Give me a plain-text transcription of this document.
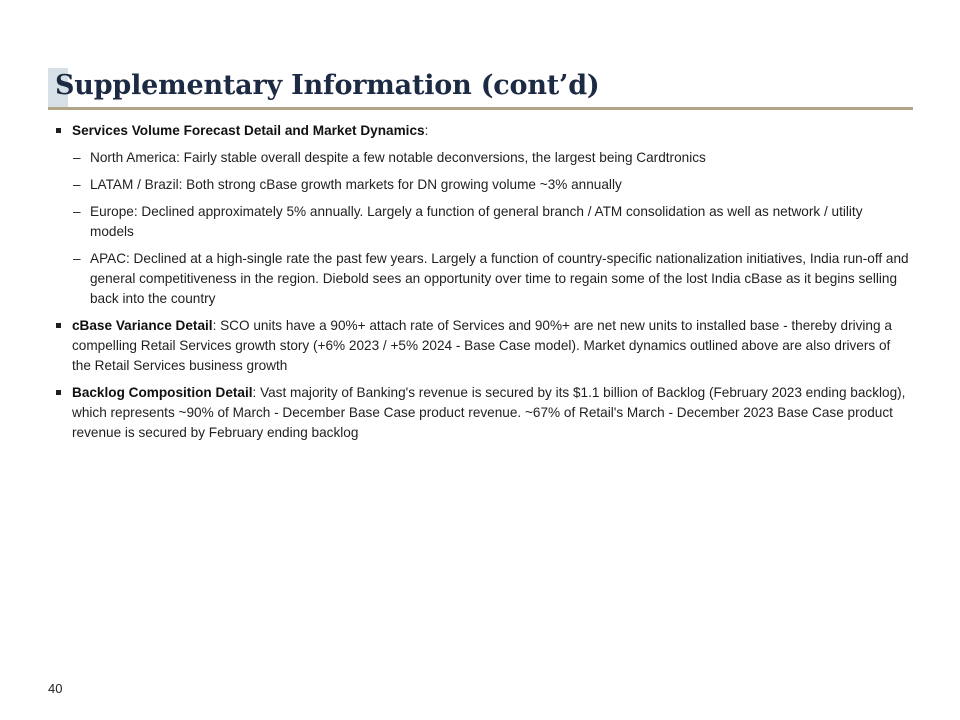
Supplementary Information (cont’d)
Services Volume Forecast Detail and Market Dynamics:
– North America: Fairly stable overall despite a few notable deconversions, the largest being Cardtronics
– LATAM / Brazil: Both strong cBase growth markets for DN growing volume ~3% annually
– Europe: Declined approximately 5% annually. Largely a function of general branch / ATM consolidation as well as network / utility models
– APAC: Declined at a high-single rate the past few years. Largely a function of country-specific nationalization initiatives, India run-off and general competitiveness in the region. Diebold sees an opportunity over time to regain some of the lost India cBase as it begins selling back into the country
cBase Variance Detail: SCO units have a 90%+ attach rate of Services and 90%+ are net new units to installed base - thereby driving a compelling Retail Services growth story (+6% 2023 / +5% 2024 - Base Case model). Market dynamics outlined above are also drivers of the Retail Services business growth
Backlog Composition Detail: Vast majority of Banking's revenue is secured by its $1.1 billion of Backlog (February 2023 ending backlog), which represents ~90% of March - December Base Case product revenue. ~67% of Retail's March - December 2023 Base Case product revenue is secured by February ending backlog
40
